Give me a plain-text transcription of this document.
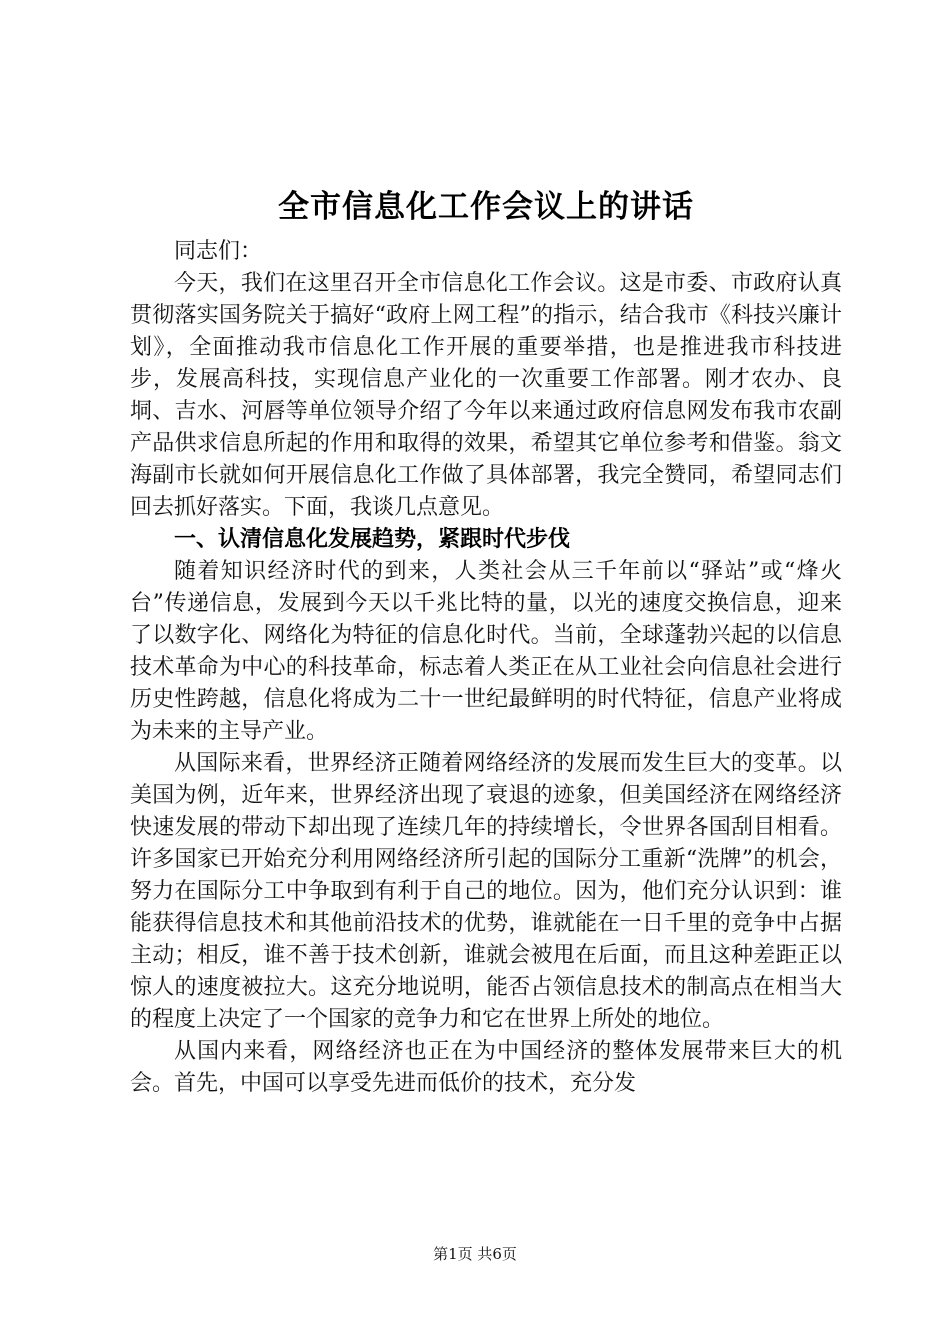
全市信息化工作会议上的讲话

同志们：

今天，我们在这里召开全市信息化工作会议。这是市委、市政府认真贯彻落实国务院关于搞好“政府上网工程”的指示，结合我市《科技兴廉计划》，全面推动我市信息化工作开展的重要举措，也是推进我市科技进步，发展高科技，实现信息产业化的一次重要工作部署。刚才农办、良垌、吉水、河唇等单位领导介绍了今年以来通过政府信息网发布我市农副产品供求信息所起的作用和取得的效果，希望其它单位参考和借鉴。翁文海副市长就如何开展信息化工作做了具体部署，我完全赞同，希望同志们回去抓好落实。下面，我谈几点意见。

一、认清信息化发展趋势，紧跟时代步伐

随着知识经济时代的到来，人类社会从三千年前以“驿站”或“烽火台”传递信息，发展到今天以千兆比特的量，以光的速度交换信息，迎来了以数字化、网络化为特征的信息化时代。当前，全球蓬勃兴起的以信息技术革命为中心的科技革命，标志着人类正在从工业社会向信息社会进行历史性跨越，信息化将成为二十一世纪最鲜明的时代特征，信息产业将成为未来的主导产业。

从国际来看，世界经济正随着网络经济的发展而发生巨大的变革。以美国为例，近年来，世界经济出现了衰退的迹象，但美国经济在网络经济快速发展的带动下却出现了连续几年的持续增长，令世界各国刮目相看。许多国家已开始充分利用网络经济所引起的国际分工重新“洗牌”的机会，努力在国际分工中争取到有利于自己的地位。因为，他们充分认识到：谁能获得信息技术和其他前沿技术的优势，谁就能在一日千里的竞争中占据主动；相反，谁不善于技术创新，谁就会被甩在后面，而且这种差距正以惊人的速度被拉大。这充分地说明，能否占领信息技术的制高点在相当大的程度上决定了一个国家的竞争力和它在世界上所处的地位。

从国内来看，网络经济也正在为中国经济的整体发展带来巨大的机会。首先，中国可以享受先进而低价的技术，充分发

第1页 共6页
